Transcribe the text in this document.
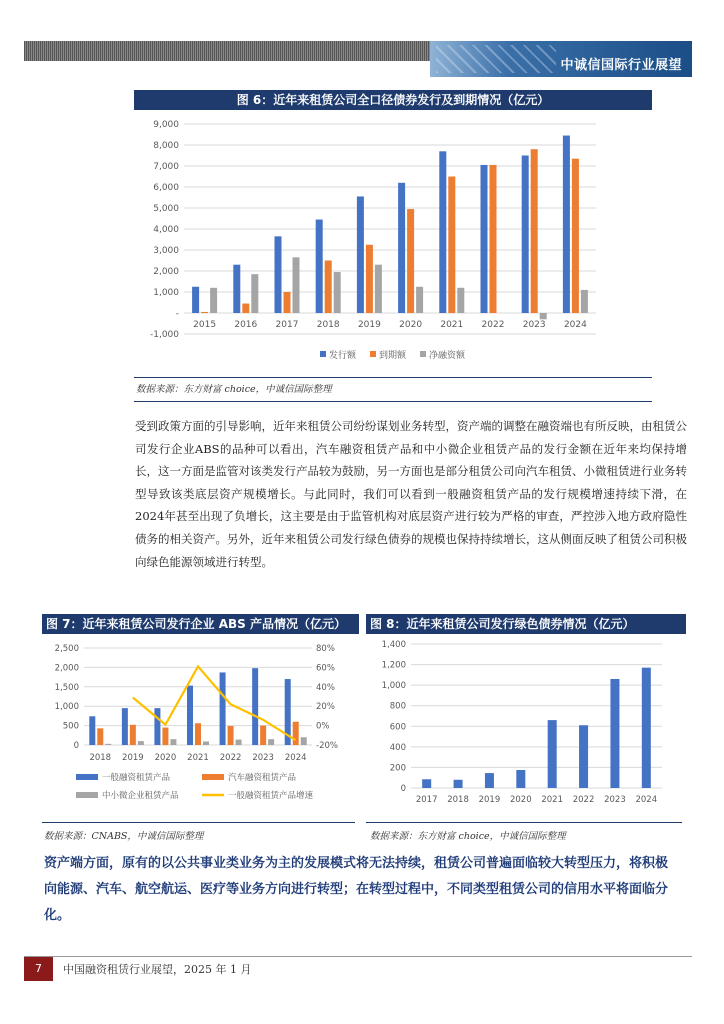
中诚信国际行业展望
图 6：近年来租赁公司全口径债券发行及到期情况（亿元）
-1,000
-
1,000
2,000
3,000
4,000
5,000
6,000
7,000
8,000
9,000
2015 2016 2017 2018 2019 2020 2021 2022 2023 2024
发行额	到期额	净融资额
数据来源：东方财富 choice，中诚信国际整理
受到政策方面的引导影响，近年来租赁公司纷纷谋划业务转型，资产端的调整在融资端也有所反映，由租赁公司发行企业ABS的品种可以看出，汽车融资租赁产品和中小微企业租赁产品的发行金额在近年来均保持增长，这一方面是监管对该类发行产品较为鼓励，另一方面也是部分租赁公司向汽车租赁、小微租赁进行业务转型导致该类底层资产规模增长。与此同时，我们可以看到一般融资租赁产品的发行规模增速持续下滑，在2024年甚至出现了负增长，这主要是由于监管机构对底层资产进行较为严格的审查，严控涉入地方政府隐性债务的相关资产。另外，近年来租赁公司发行绿色债券的规模也保持持续增长，这从侧面反映了租赁公司积极向绿色能源领域进行转型。
图 7：近年来租赁公司发行企业 ABS 产品情况（亿元）
0
500
1,000
1,500
2,000
2,500
2018 2019 2020 2021 2022 2023 2024
-20%
0%
20%
40%
60%
80%
一般融资租赁产品	汽车融资租赁产品
中小微企业租赁产品	一般融资租赁产品增速
数据来源：CNABS，中诚信国际整理
图 8：近年来租赁公司发行绿色债券情况（亿元）
0
200
400
600
800
1,000
1,200
1,400
2017 2018 2019 2020 2021 2022 2023 2024
数据来源：东方财富 choice，中诚信国际整理
资产端方面，原有的以公共事业类业务为主的发展模式将无法持续，租赁公司普遍面临较大转型压力，将积极向能源、汽车、航空航运、医疗等业务方向进行转型；在转型过程中，不同类型租赁公司的信用水平将面临分化。
7	中国融资租赁行业展望，2025 年 1 月
